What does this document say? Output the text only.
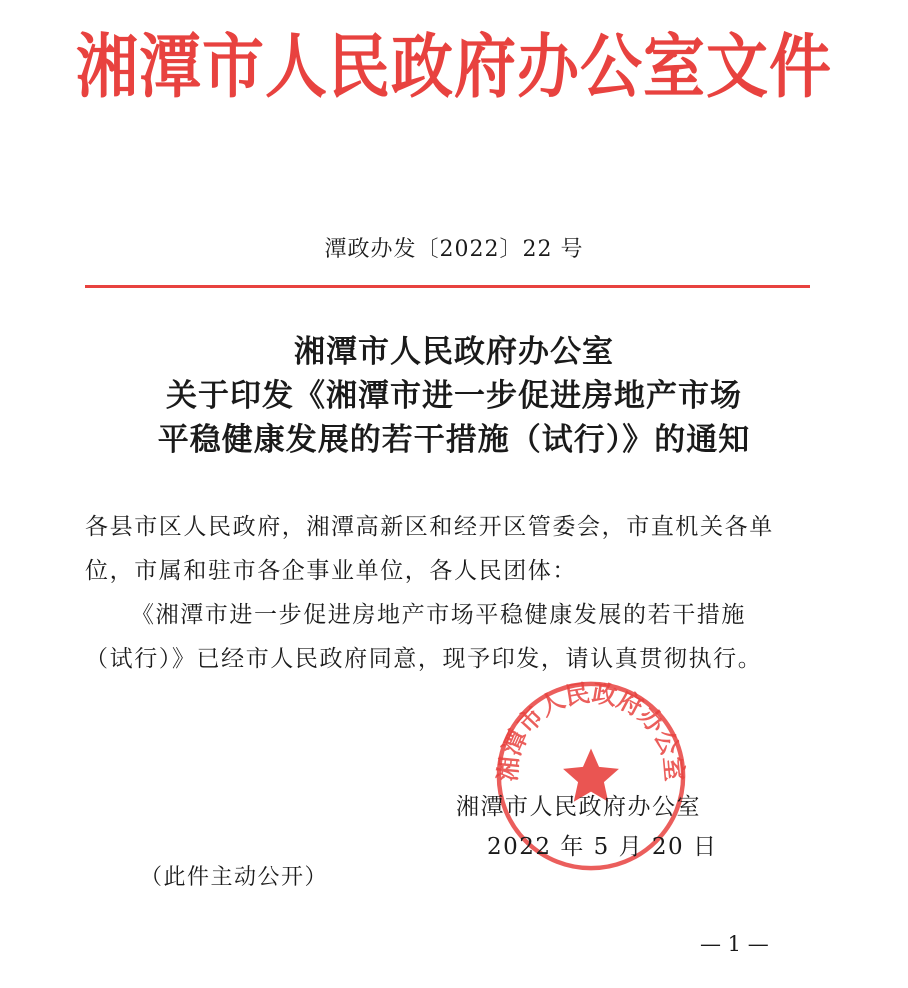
湘潭市人民政府办公室文件
潭政办发〔2022〕22 号
湘潭市人民政府办公室
关于印发《湘潭市进一步促进房地产市场
平稳健康发展的若干措施（试行）》的通知

各县市区人民政府，湘潭高新区和经开区管委会，市直机关各单

位，市属和驻市各企事业单位，各人民团体：

《湘潭市进一步促进房地产市场平稳健康发展的若干措施

（试行）》已经市人民政府同意，现予印发，请认真贯彻执行。

湘潭市人民政府办公室
湘潭市人民政府办公室
2022 年 5 月 20 日
（此件主动公开）
— 1 —
